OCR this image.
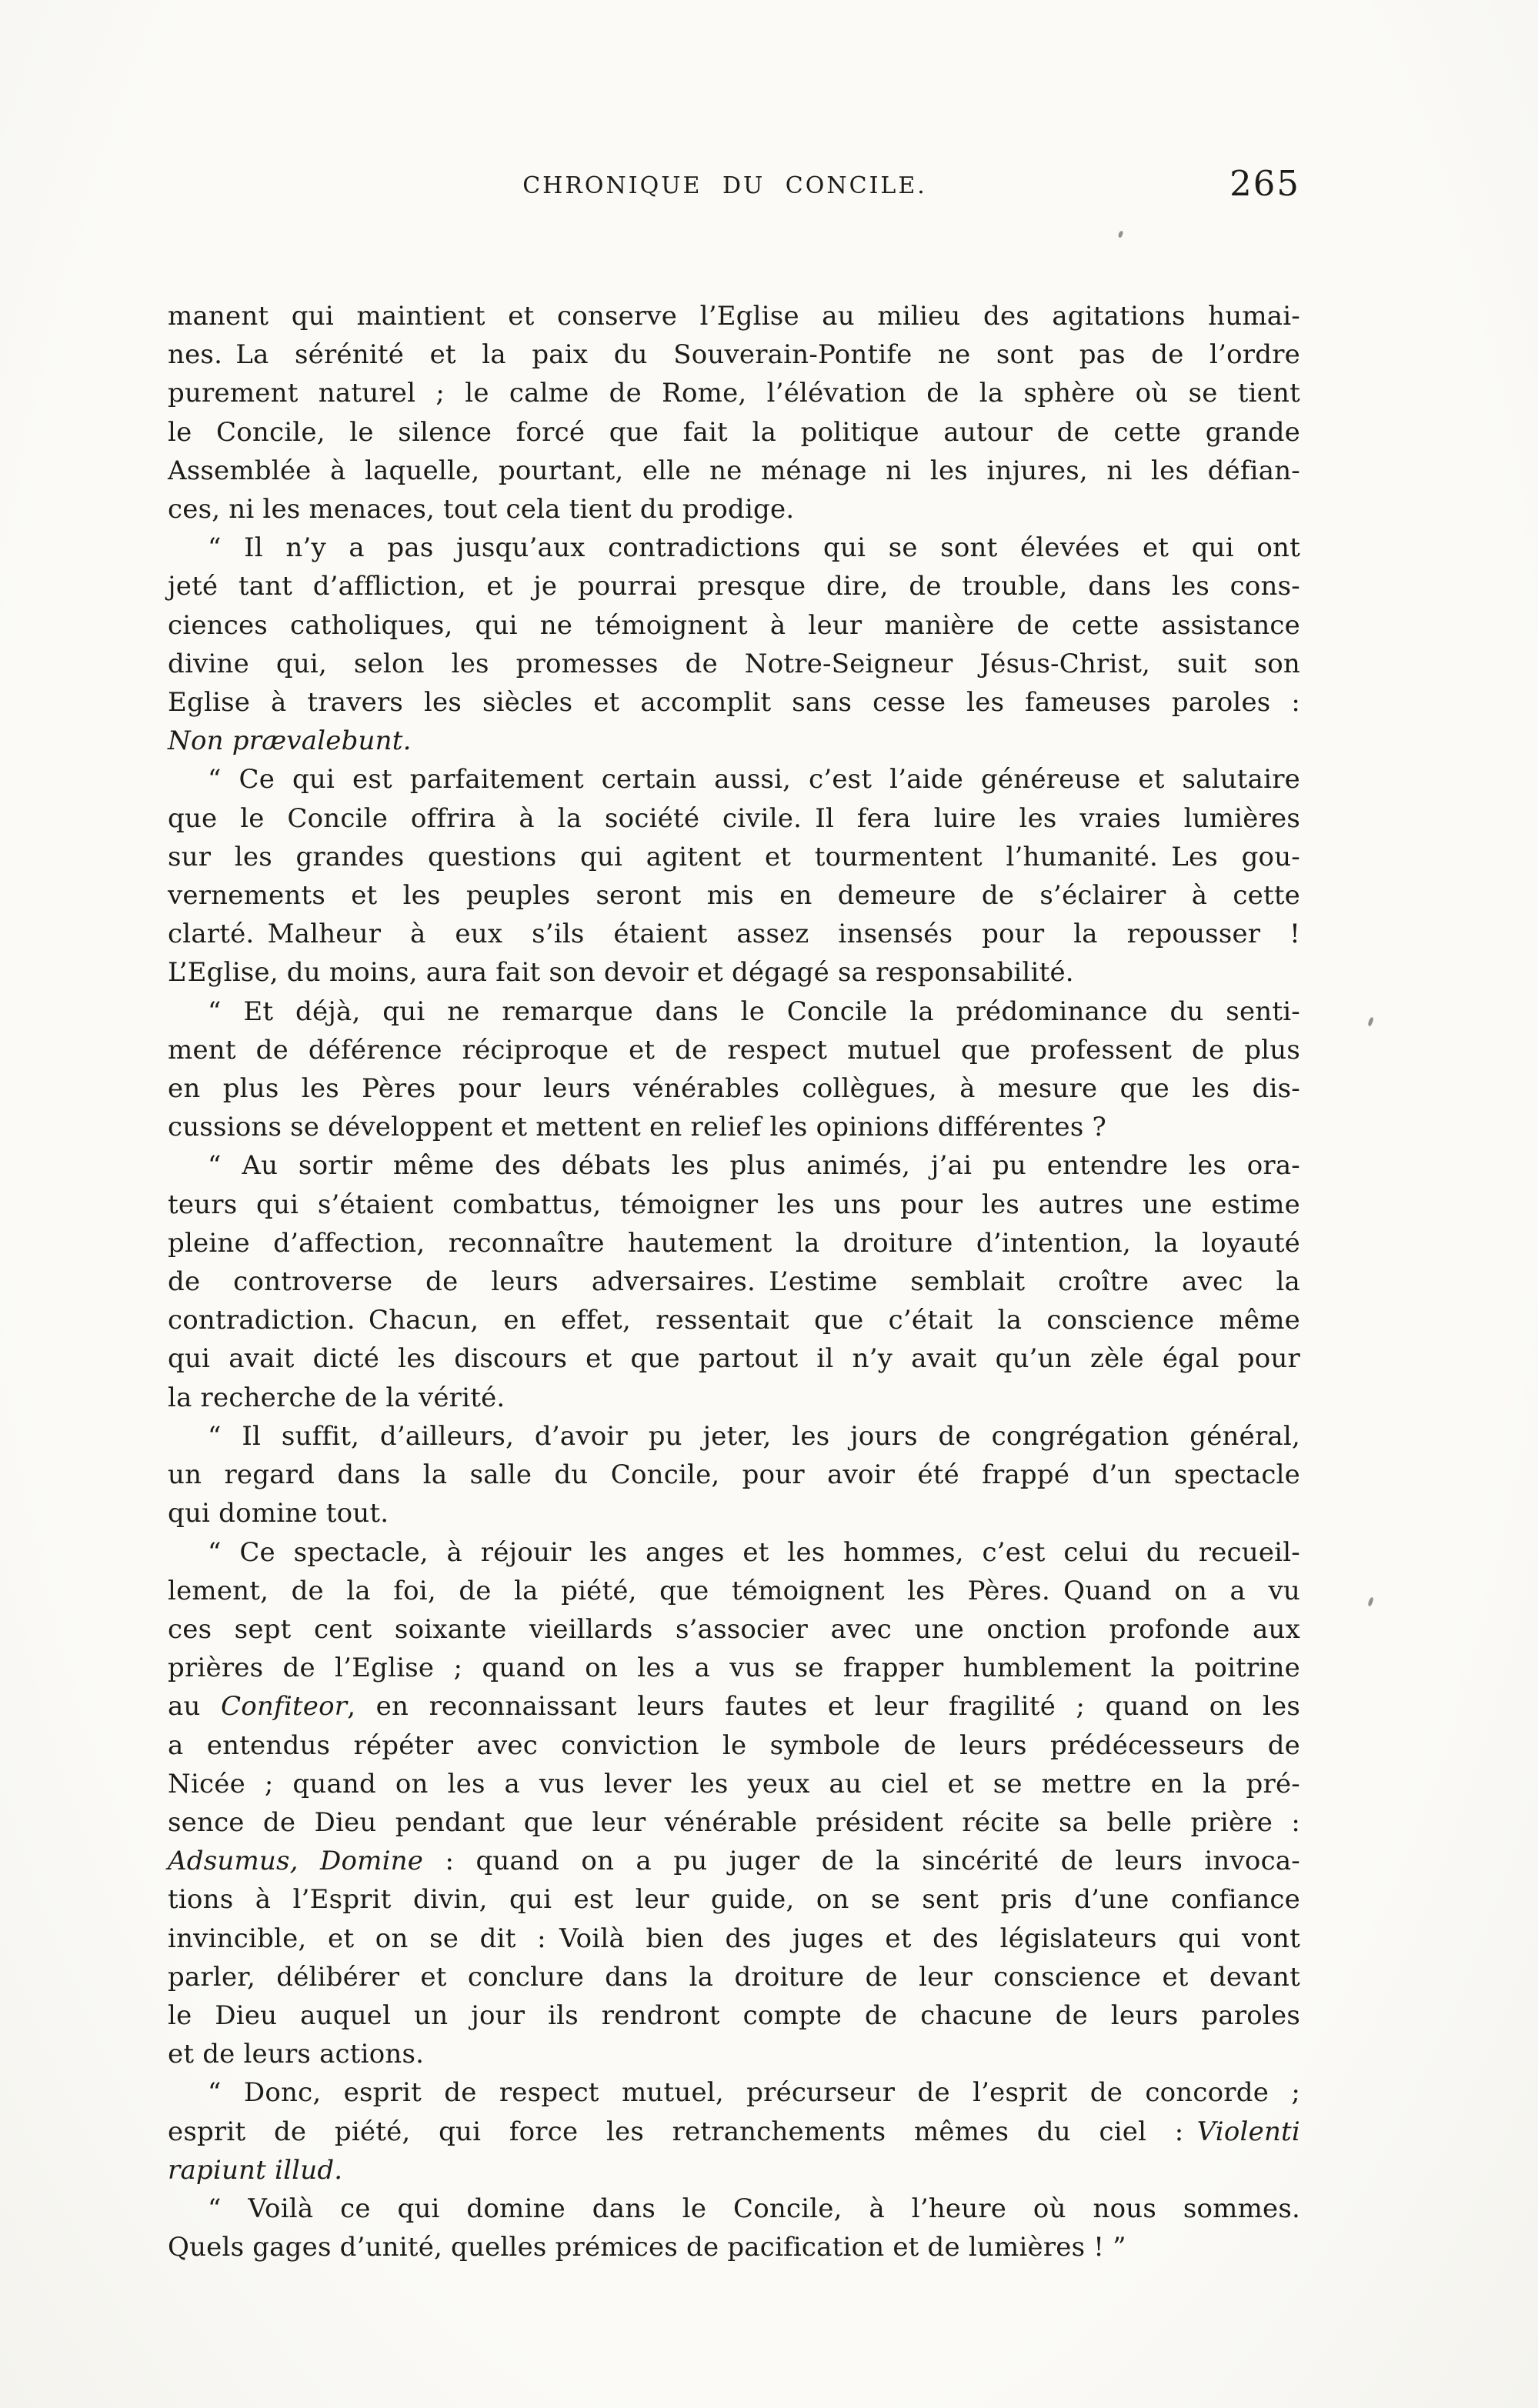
CHRONIQUE DU CONCILE.	265
manent qui maintient et conserve l’Eglise au milieu des agitations humai-
nes. La sérénité et la paix du Souverain-Pontife ne sont pas de l’ordre
purement naturel ; le calme de Rome, l’élévation de la sphère où se tient
le Concile, le silence forcé que fait la politique autour de cette grande
Assemblée à laquelle, pourtant, elle ne ménage ni les injures, ni les défian-
ces, ni les menaces, tout cela tient du prodige.
“ Il n’y a pas jusqu’aux contradictions qui se sont élevées et qui ont
jeté tant d’affliction, et je pourrai presque dire, de trouble, dans les cons-
ciences catholiques, qui ne témoignent à leur manière de cette assistance
divine qui, selon les promesses de Notre-Seigneur Jésus-Christ, suit son
Eglise à travers les siècles et accomplit sans cesse les fameuses paroles :
Non prævalebunt.
“ Ce qui est parfaitement certain aussi, c’est l’aide généreuse et salutaire
que le Concile offrira à la société civile. Il fera luire les vraies lumières
sur les grandes questions qui agitent et tourmentent l’humanité. Les gou-
vernements et les peuples seront mis en demeure de s’éclairer à cette
clarté. Malheur à eux s’ils étaient assez insensés pour la repousser !
L’Eglise, du moins, aura fait son devoir et dégagé sa responsabilité.
“ Et déjà, qui ne remarque dans le Concile la prédominance du senti-
ment de déférence réciproque et de respect mutuel que professent de plus
en plus les Pères pour leurs vénérables collègues, à mesure que les dis-
cussions se développent et mettent en relief les opinions différentes ?
“ Au sortir même des débats les plus animés, j’ai pu entendre les ora-
teurs qui s’étaient combattus, témoigner les uns pour les autres une estime
pleine d’affection, reconnaître hautement la droiture d’intention, la loyauté
de controverse de leurs adversaires. L’estime semblait croître avec la
contradiction. Chacun, en effet, ressentait que c’était la conscience même
qui avait dicté les discours et que partout il n’y avait qu’un zèle égal pour
la recherche de la vérité.
“ Il suffit, d’ailleurs, d’avoir pu jeter, les jours de congrégation général,
un regard dans la salle du Concile, pour avoir été frappé d’un spectacle
qui domine tout.
“ Ce spectacle, à réjouir les anges et les hommes, c’est celui du recueil-
lement, de la foi, de la piété, que témoignent les Pères. Quand on a vu
ces sept cent soixante vieillards s’associer avec une onction profonde aux
prières de l’Eglise ; quand on les a vus se frapper humblement la poitrine
au Confiteor, en reconnaissant leurs fautes et leur fragilité ; quand on les
a entendus répéter avec conviction le symbole de leurs prédécesseurs de
Nicée ; quand on les a vus lever les yeux au ciel et se mettre en la pré-
sence de Dieu pendant que leur vénérable président récite sa belle prière :
Adsumus, Domine : quand on a pu juger de la sincérité de leurs invoca-
tions à l’Esprit divin, qui est leur guide, on se sent pris d’une confiance
invincible, et on se dit : Voilà bien des juges et des législateurs qui vont
parler, délibérer et conclure dans la droiture de leur conscience et devant
le Dieu auquel un jour ils rendront compte de chacune de leurs paroles
et de leurs actions.
“ Donc, esprit de respect mutuel, précurseur de l’esprit de concorde ;
esprit de piété, qui force les retranchements mêmes du ciel : Violenti
rapiunt illud.
“ Voilà ce qui domine dans le Concile, à l’heure où nous sommes.
Quels gages d’unité, quelles prémices de pacification et de lumières ! ”
